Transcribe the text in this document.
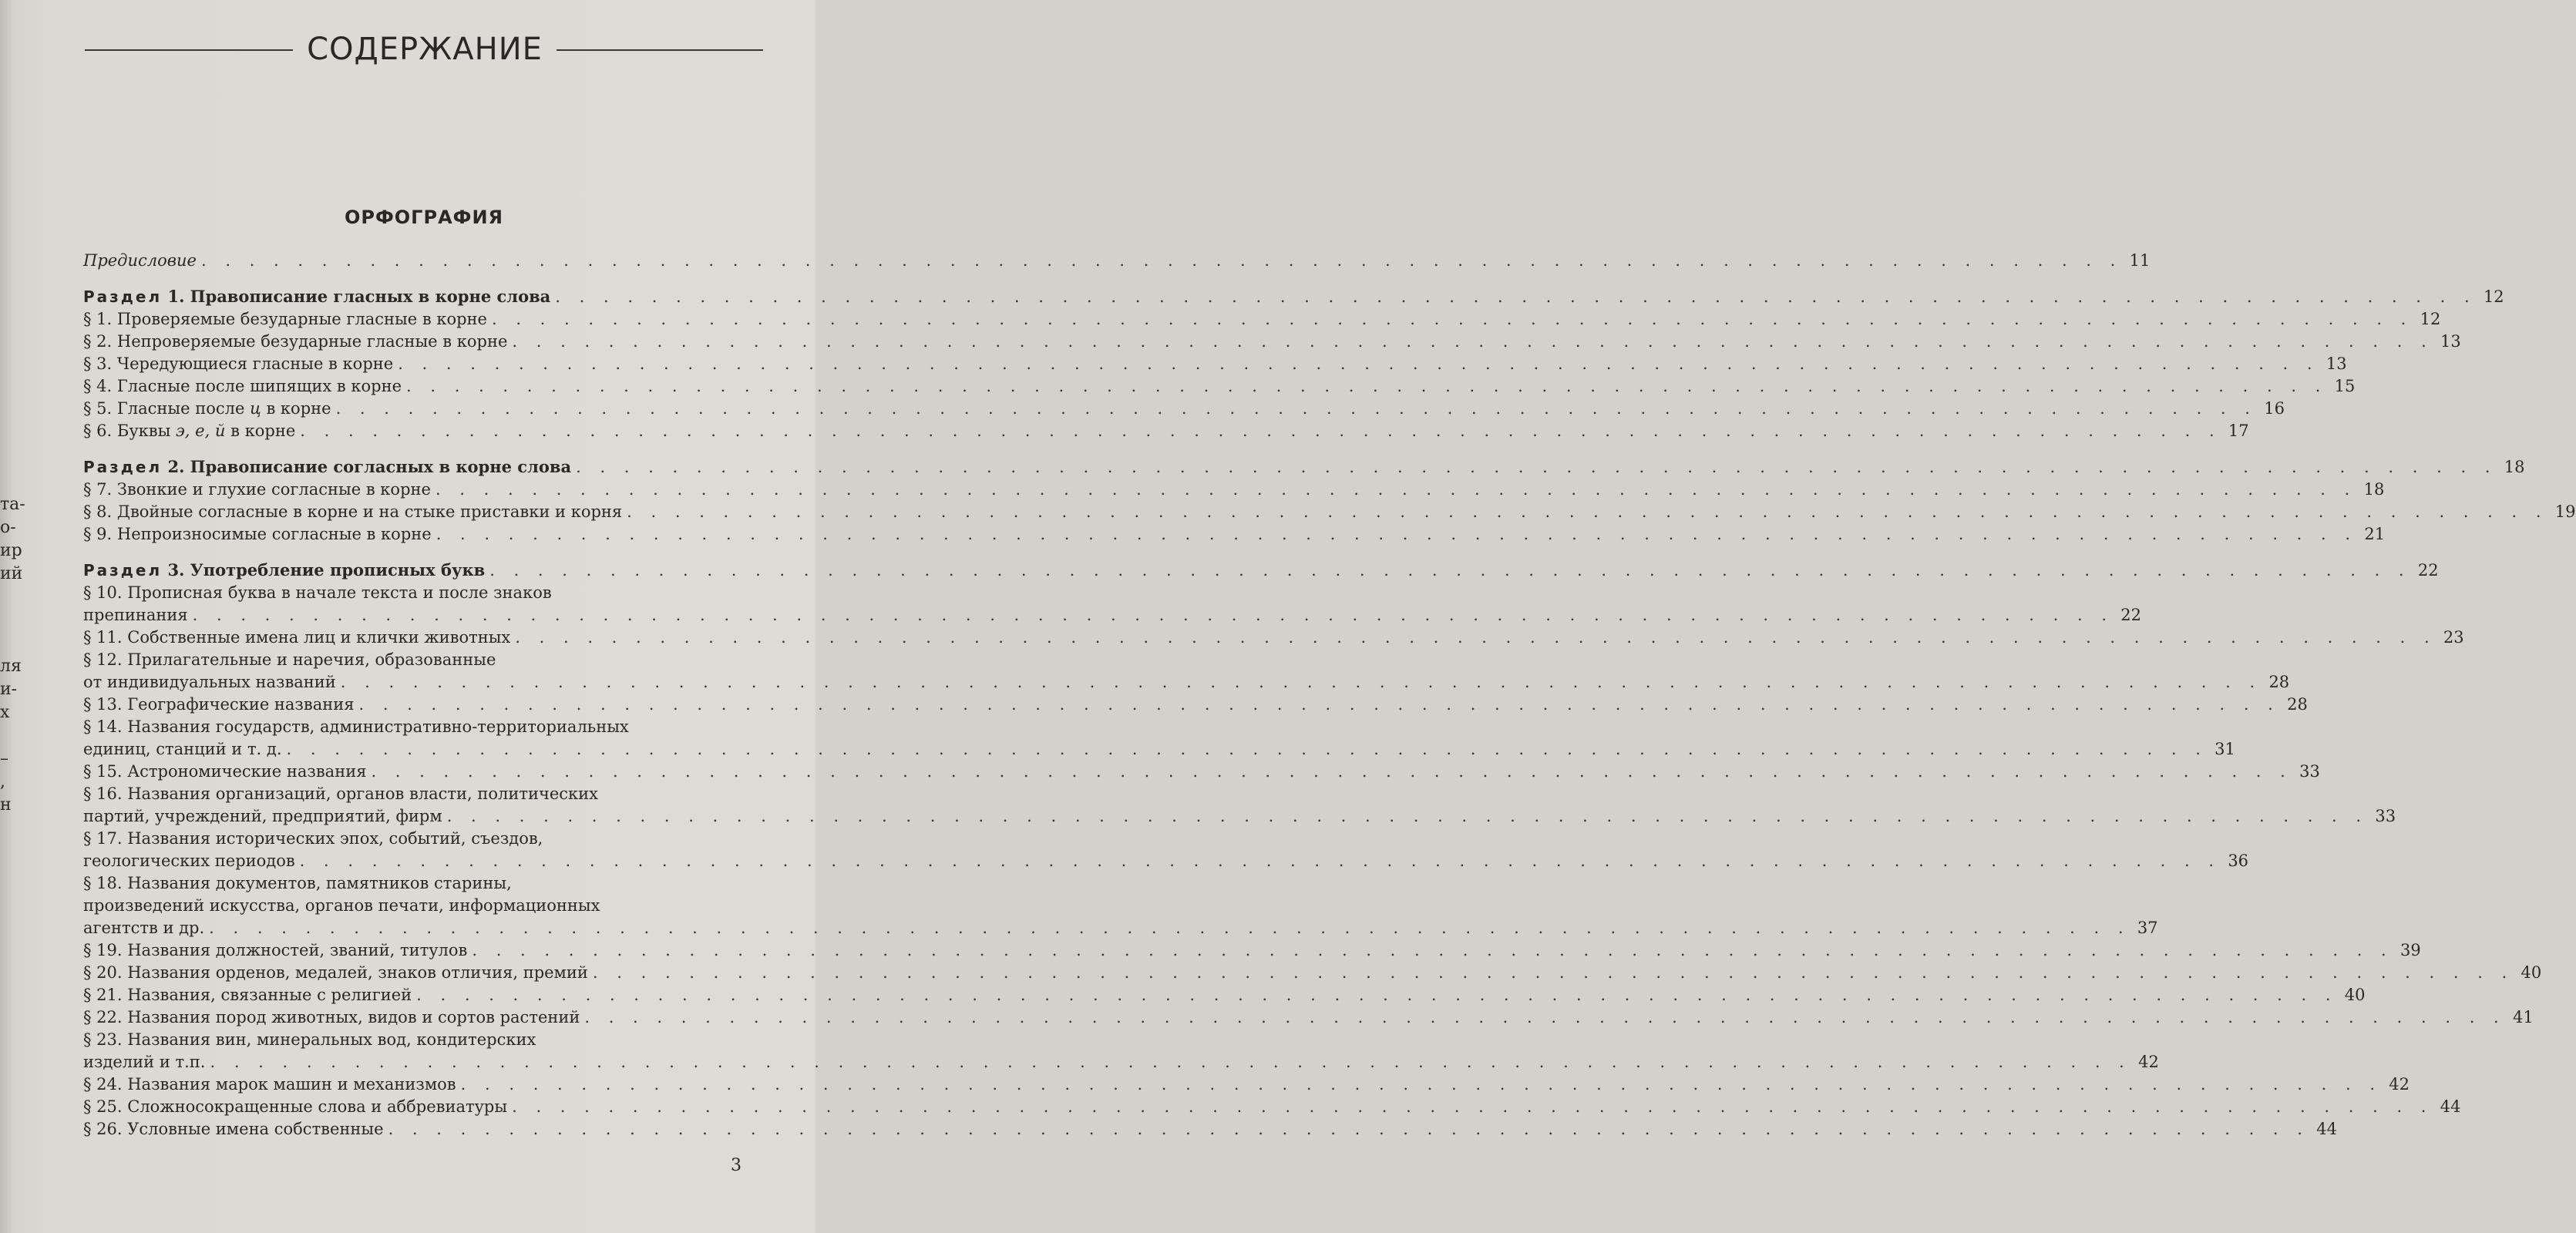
та-
о-
ир
ий
ля
и-
х
–
,
н
СОДЕРЖАНИЕ
ОРФОГРАФИЯ
Предисловие . . . . . . . . . . . . . . . . . . . . . . . . . . . . . . . . . . . . . . . . . . . . . . . . . . . . . . . . . . . . . . . . . . . . . . . . . . . . . . . . 11
Раздел 1. Правописание гласных в корне слова . . . . . . . . . . . . . . . . . . . . . . . . . . . . . . . . . . . . . . . . . . . . . . . . . . . . . . . . . . . . . . . . . . . . . . . . . . . . . . . . 12
§ 1. Проверяемые безударные гласные в корне . . . . . . . . . . . . . . . . . . . . . . . . . . . . . . . . . . . . . . . . . . . . . . . . . . . . . . . . . . . . . . . . . . . . . . . . . . . . . . . . 12
§ 2. Непроверяемые безударные гласные в корне . . . . . . . . . . . . . . . . . . . . . . . . . . . . . . . . . . . . . . . . . . . . . . . . . . . . . . . . . . . . . . . . . . . . . . . . . . . . . . . . 13
§ 3. Чередующиеся гласные в корне . . . . . . . . . . . . . . . . . . . . . . . . . . . . . . . . . . . . . . . . . . . . . . . . . . . . . . . . . . . . . . . . . . . . . . . . . . . . . . . . 13
§ 4. Гласные после шипящих в корне . . . . . . . . . . . . . . . . . . . . . . . . . . . . . . . . . . . . . . . . . . . . . . . . . . . . . . . . . . . . . . . . . . . . . . . . . . . . . . . . 15
§ 5. Гласные после ц в корне . . . . . . . . . . . . . . . . . . . . . . . . . . . . . . . . . . . . . . . . . . . . . . . . . . . . . . . . . . . . . . . . . . . . . . . . . . . . . . . . 16
§ 6. Буквы э, е, й в корне . . . . . . . . . . . . . . . . . . . . . . . . . . . . . . . . . . . . . . . . . . . . . . . . . . . . . . . . . . . . . . . . . . . . . . . . . . . . . . . . 17
Раздел 2. Правописание согласных в корне слова . . . . . . . . . . . . . . . . . . . . . . . . . . . . . . . . . . . . . . . . . . . . . . . . . . . . . . . . . . . . . . . . . . . . . . . . . . . . . . . . 18
§ 7. Звонкие и глухие согласные в корне . . . . . . . . . . . . . . . . . . . . . . . . . . . . . . . . . . . . . . . . . . . . . . . . . . . . . . . . . . . . . . . . . . . . . . . . . . . . . . . . 18
§ 8. Двойные согласные в корне и на стыке приставки и корня . . . . . . . . . . . . . . . . . . . . . . . . . . . . . . . . . . . . . . . . . . . . . . . . . . . . . . . . . . . . . . . . . . . . . . . . . . . . . . . . 19
§ 9. Непроизносимые согласные в корне . . . . . . . . . . . . . . . . . . . . . . . . . . . . . . . . . . . . . . . . . . . . . . . . . . . . . . . . . . . . . . . . . . . . . . . . . . . . . . . . 21
Раздел 3. Употребление прописных букв . . . . . . . . . . . . . . . . . . . . . . . . . . . . . . . . . . . . . . . . . . . . . . . . . . . . . . . . . . . . . . . . . . . . . . . . . . . . . . . . 22
§ 10. Прописная буква в начале текста и после знаков
препинания . . . . . . . . . . . . . . . . . . . . . . . . . . . . . . . . . . . . . . . . . . . . . . . . . . . . . . . . . . . . . . . . . . . . . . . . . . . . . . . . 22
§ 11. Собственные имена лиц и клички животных . . . . . . . . . . . . . . . . . . . . . . . . . . . . . . . . . . . . . . . . . . . . . . . . . . . . . . . . . . . . . . . . . . . . . . . . . . . . . . . . 23
§ 12. Прилагательные и наречия, образованные
от индивидуальных названий . . . . . . . . . . . . . . . . . . . . . . . . . . . . . . . . . . . . . . . . . . . . . . . . . . . . . . . . . . . . . . . . . . . . . . . . . . . . . . . . 28
§ 13. Географические названия . . . . . . . . . . . . . . . . . . . . . . . . . . . . . . . . . . . . . . . . . . . . . . . . . . . . . . . . . . . . . . . . . . . . . . . . . . . . . . . . 28
§ 14. Названия государств, административно-территориальных
единиц, станций и т. д. . . . . . . . . . . . . . . . . . . . . . . . . . . . . . . . . . . . . . . . . . . . . . . . . . . . . . . . . . . . . . . . . . . . . . . . . . . . . . . . . 31
§ 15. Астрономические названия . . . . . . . . . . . . . . . . . . . . . . . . . . . . . . . . . . . . . . . . . . . . . . . . . . . . . . . . . . . . . . . . . . . . . . . . . . . . . . . . 33
§ 16. Названия организаций, органов власти, политических
партий, учреждений, предприятий, фирм . . . . . . . . . . . . . . . . . . . . . . . . . . . . . . . . . . . . . . . . . . . . . . . . . . . . . . . . . . . . . . . . . . . . . . . . . . . . . . . . 33
§ 17. Названия исторических эпох, событий, съездов,
геологических периодов . . . . . . . . . . . . . . . . . . . . . . . . . . . . . . . . . . . . . . . . . . . . . . . . . . . . . . . . . . . . . . . . . . . . . . . . . . . . . . . . 36
§ 18. Названия документов, памятников старины,
произведений искусства, органов печати, информационных
агентств и др. . . . . . . . . . . . . . . . . . . . . . . . . . . . . . . . . . . . . . . . . . . . . . . . . . . . . . . . . . . . . . . . . . . . . . . . . . . . . . . . . 37
§ 19. Названия должностей, званий, титулов . . . . . . . . . . . . . . . . . . . . . . . . . . . . . . . . . . . . . . . . . . . . . . . . . . . . . . . . . . . . . . . . . . . . . . . . . . . . . . . . 39
§ 20. Названия орденов, медалей, знаков отличия, премий . . . . . . . . . . . . . . . . . . . . . . . . . . . . . . . . . . . . . . . . . . . . . . . . . . . . . . . . . . . . . . . . . . . . . . . . . . . . . . . . 40
§ 21. Названия, связанные с религией . . . . . . . . . . . . . . . . . . . . . . . . . . . . . . . . . . . . . . . . . . . . . . . . . . . . . . . . . . . . . . . . . . . . . . . . . . . . . . . . 40
§ 22. Названия пород животных, видов и сортов растений . . . . . . . . . . . . . . . . . . . . . . . . . . . . . . . . . . . . . . . . . . . . . . . . . . . . . . . . . . . . . . . . . . . . . . . . . . . . . . . . 41
§ 23. Названия вин, минеральных вод, кондитерских
изделий и т.п. . . . . . . . . . . . . . . . . . . . . . . . . . . . . . . . . . . . . . . . . . . . . . . . . . . . . . . . . . . . . . . . . . . . . . . . . . . . . . . . . 42
§ 24. Названия марок машин и механизмов . . . . . . . . . . . . . . . . . . . . . . . . . . . . . . . . . . . . . . . . . . . . . . . . . . . . . . . . . . . . . . . . . . . . . . . . . . . . . . . . 42
§ 25. Сложносокращенные слова и аббревиатуры . . . . . . . . . . . . . . . . . . . . . . . . . . . . . . . . . . . . . . . . . . . . . . . . . . . . . . . . . . . . . . . . . . . . . . . . . . . . . . . . 44
§ 26. Условные имена собственные . . . . . . . . . . . . . . . . . . . . . . . . . . . . . . . . . . . . . . . . . . . . . . . . . . . . . . . . . . . . . . . . . . . . . . . . . . . . . . . . 44
3
